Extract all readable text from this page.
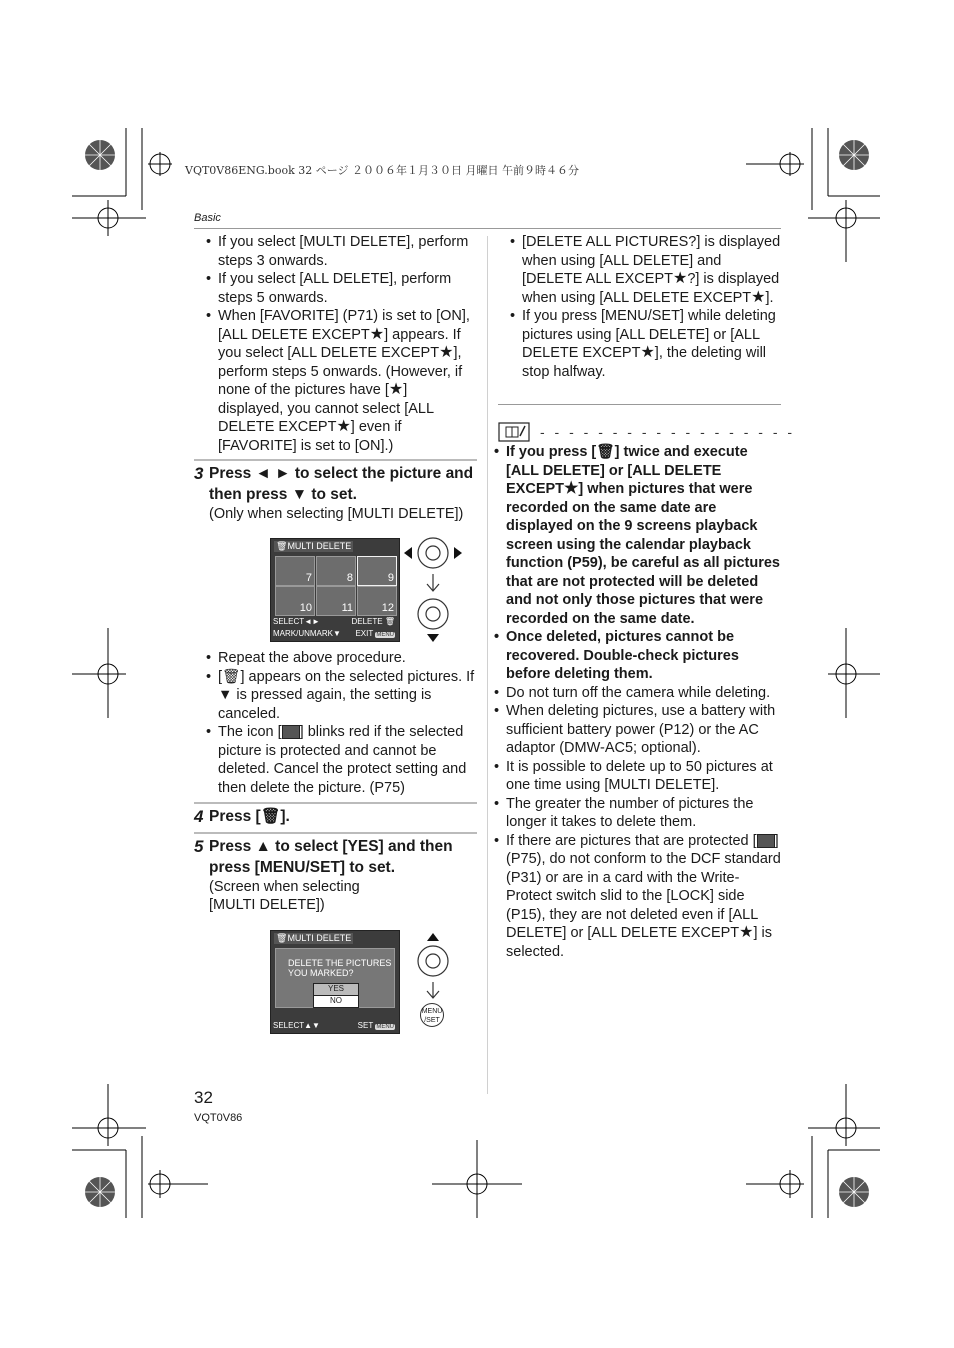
VQT0V86ENG.book 32 ページ ２００６年１月３０日 月曜日 午前９時４６分
Basic

• If you select [MULTI DELETE], perform steps 3 onwards.

• If you select [ALL DELETE], perform steps 5 onwards.

• When [FAVORITE] (P71) is set to [ON], [ALL DELETE EXCEPT★] appears. If you select [ALL DELETE EXCEPT★], perform steps 5 onwards. (However, if none of the pictures have [★] displayed, you cannot select [ALL DELETE EXCEPT★] even if [FAVORITE] is set to [ON].)

3 Press ◄ ► to select the picture and then press ▼ to set.
(Only when selecting [MULTI DELETE])
🗑MULTI DELETE
7	8	9
10	11	12
SELECT◄►	DELETE 🗑
MARK/UNMARK▼ EXIT MENU

• Repeat the above procedure.

• [🗑] appears on the selected pictures. If ▼ is pressed again, the setting is canceled.

• The icon [ ] blinks red if the selected picture is protected and cannot be deleted. Cancel the protect setting and then delete the picture. (P75)

4 Press [🗑].
5 Press ▲ to select [YES] and then press [MENU/SET] to set.
(Screen when selecting
[MULTI DELETE])
🗑MULTI DELETE
DELETE THE PICTURES
YOU MARKED?
YES
NO
SELECT▲▼	SET MENU
MENU
/SET

• [DELETE ALL PICTURES?] is displayed when using [ALL DELETE] and [DELETE ALL EXCEPT★?] is displayed when using [ALL DELETE EXCEPT★].

• If you press [MENU/SET] while deleting pictures using [ALL DELETE] or [ALL DELETE EXCEPT★], the deleting will stop halfway.

- - - - - - - - - - - - - - - - - -

• If you press [🗑] twice and execute [ALL DELETE] or [ALL DELETE EXCEPT★] when pictures that were recorded on the same date are displayed on the 9 screens playback screen using the calendar playback function (P59), be careful as all pictures that are not protected will be deleted and not only those pictures that were recorded on the same date.

• Once deleted, pictures cannot be recovered. Double-check pictures before deleting them.

• Do not turn off the camera while deleting.

• When deleting pictures, use a battery with sufficient battery power (P12) or the AC adaptor (DMW-AC5; optional).

• It is possible to delete up to 50 pictures at one time using [MULTI DELETE].

• The greater the number of pictures the longer it takes to delete them.

• If there are pictures that are protected [ ] (P75), do not conform to the DCF standard (P31) or are in a card with the Write-Protect switch slid to the [LOCK] side (P15), they are not deleted even if [ALL DELETE] or [ALL DELETE EXCEPT★] is selected.

32
VQT0V86
